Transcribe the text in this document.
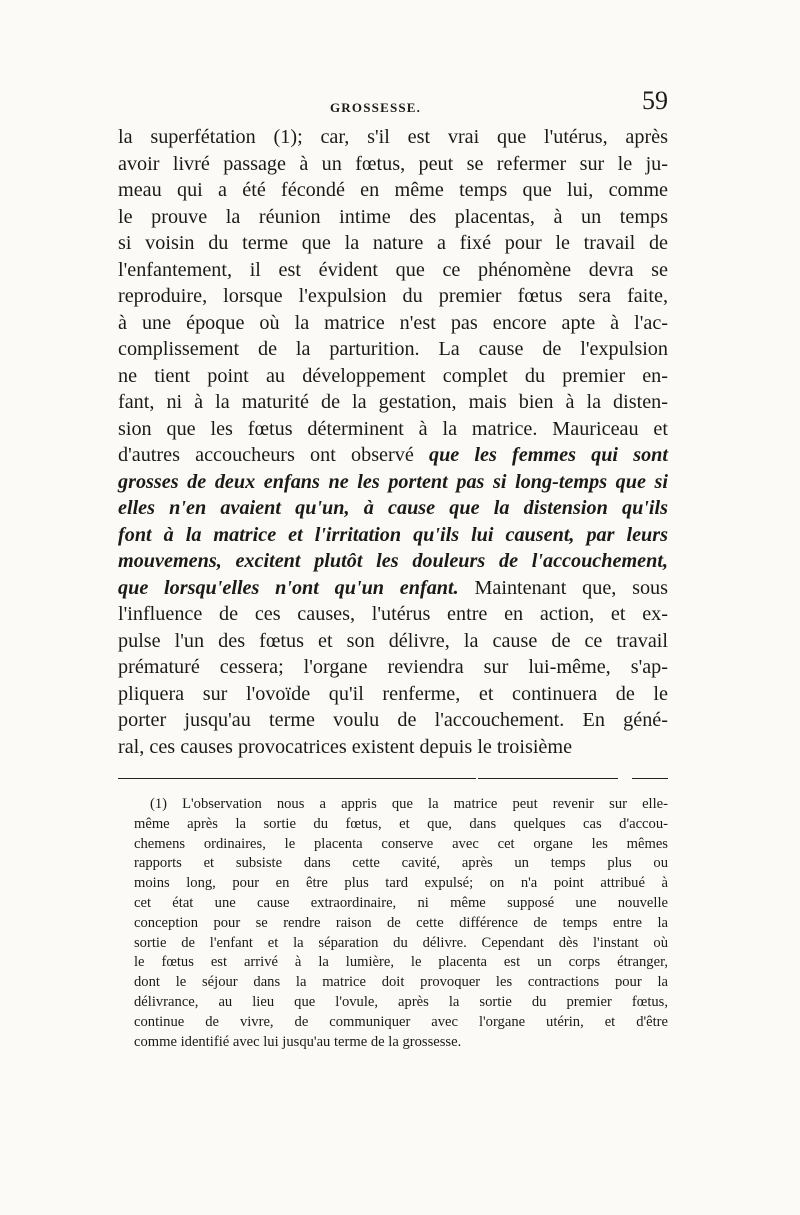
GROSSESSE.	59
la superfétation (1); car, s'il est vrai que l'utérus, après
avoir livré passage à un fœtus, peut se refermer sur le ju-
meau qui a été fécondé en même temps que lui, comme
le prouve la réunion intime des placentas, à un temps
si voisin du terme que la nature a fixé pour le travail de
l'enfantement, il est évident que ce phénomène devra se
reproduire, lorsque l'expulsion du premier fœtus sera faite,
à une époque où la matrice n'est pas encore apte à l'ac-
complissement de la parturition. La cause de l'expulsion
ne tient point au développement complet du premier en-
fant, ni à la maturité de la gestation, mais bien à la disten-
sion que les fœtus déterminent à la matrice. Mauriceau et
d'autres accoucheurs ont observé que les femmes qui sont
grosses de deux enfans ne les portent pas si long-temps que si
elles n'en avaient qu'un, à cause que la distension qu'ils
font à la matrice et l'irritation qu'ils lui causent, par leurs
mouvemens, excitent plutôt les douleurs de l'accouchement,
que lorsqu'elles n'ont qu'un enfant. Maintenant que, sous
l'influence de ces causes, l'utérus entre en action, et ex-
pulse l'un des fœtus et son délivre, la cause de ce travail
prématuré cessera; l'organe reviendra sur lui-même, s'ap-
pliquera sur l'ovoïde qu'il renferme, et continuera de le
porter jusqu'au terme voulu de l'accouchement. En géné-
ral, ces causes provocatrices existent depuis le troisième
(1) L'observation nous a appris que la matrice peut revenir sur elle-
même après la sortie du fœtus, et que, dans quelques cas d'accou-
chemens ordinaires, le placenta conserve avec cet organe les mêmes
rapports et subsiste dans cette cavité, après un temps plus ou
moins long, pour en être plus tard expulsé; on n'a point attribué à
cet état une cause extraordinaire, ni même supposé une nouvelle
conception pour se rendre raison de cette différence de temps entre la
sortie de l'enfant et la séparation du délivre. Cependant dès l'instant où
le fœtus est arrivé à la lumière, le placenta est un corps étranger,
dont le séjour dans la matrice doit provoquer les contractions pour la
délivrance, au lieu que l'ovule, après la sortie du premier fœtus,
continue de vivre, de communiquer avec l'organe utérin, et d'être
comme identifié avec lui jusqu'au terme de la grossesse.
